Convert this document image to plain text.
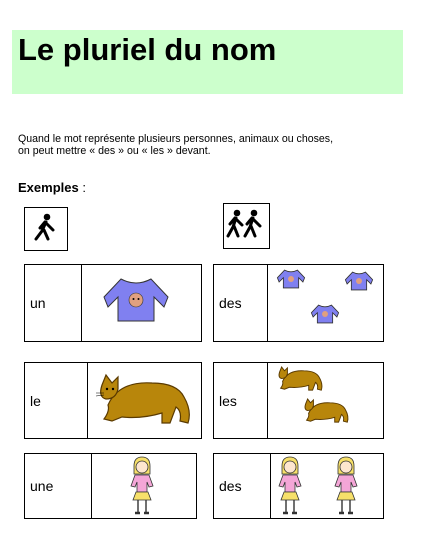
Le pluriel du nom

Quand le mot représente plusieurs personnes, animaux ou choses,
on peut mettre « des » ou « les » devant.

Exemples :
un	des
le	les
une	des
